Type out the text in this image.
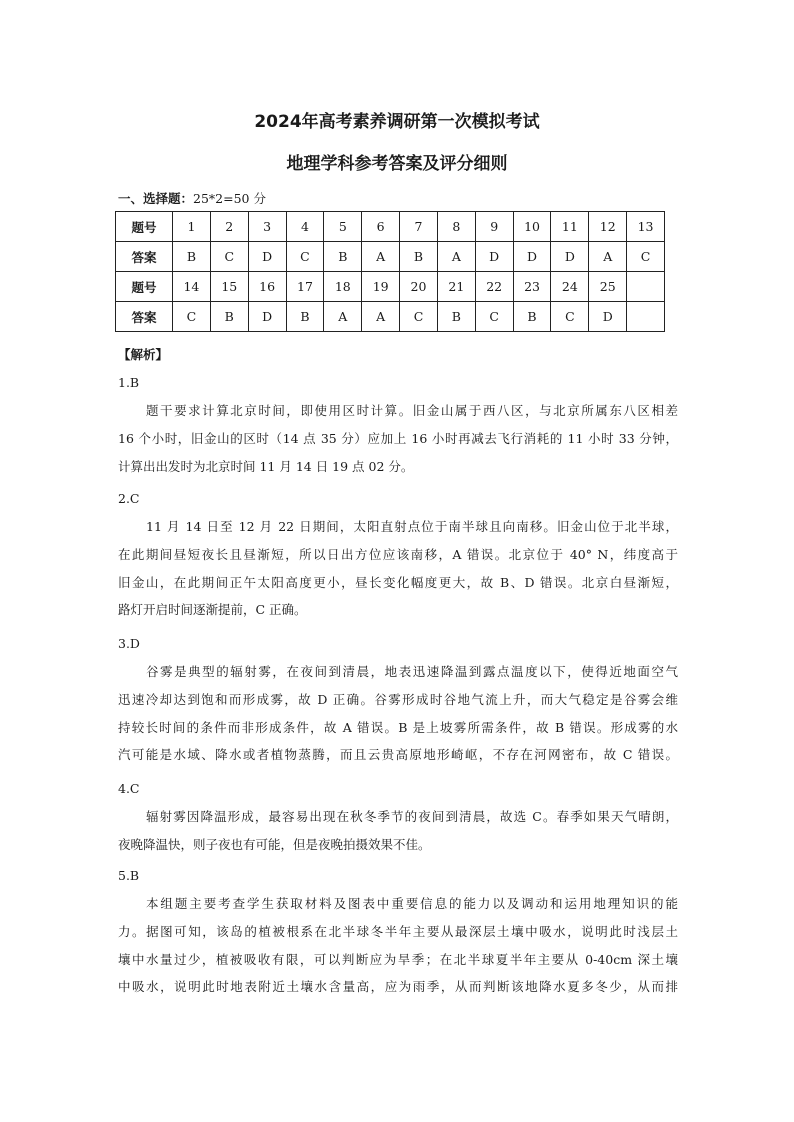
2024年高考素养调研第一次模拟考试
地理学科参考答案及评分细则
一、选择题：25*2=50 分
题号	1	2	3	4	5	6	7	8	9	10	11	12	13
答案	B	C	D	C	B	A	B	A	D	D	D	A	C
题号	14	15	16	17	18	19	20	21	22	23	24	25	
答案	C	B	D	B	A	A	C	B	C	B	C	D	
【解析】
1.B
题干要求计算北京时间，即使用区时计算。旧金山属于西八区，与北京所属东八区相差
16 个小时，旧金山的区时（14 点 35 分）应加上 16 小时再减去飞行消耗的 11 小时 33 分钟，
计算出出发时为北京时间 11 月 14 日 19 点 02 分。
2.C
11 月 14 日至 12 月 22 日期间，太阳直射点位于南半球且向南移。旧金山位于北半球，
在此期间昼短夜长且昼渐短，所以日出方位应该南移，A 错误。北京位于 40° N，纬度高于
旧金山，在此期间正午太阳高度更小，昼长变化幅度更大，故 B、D 错误。北京白昼渐短，
路灯开启时间逐渐提前，C 正确。
3.D
谷雾是典型的辐射雾，在夜间到清晨，地表迅速降温到露点温度以下，使得近地面空气
迅速冷却达到饱和而形成雾，故 D 正确。谷雾形成时谷地气流上升，而大气稳定是谷雾会维
持较长时间的条件而非形成条件，故 A 错误。B 是上坡雾所需条件，故 B 错误。形成雾的水
汽可能是水域、降水或者植物蒸腾，而且云贵高原地形崎岖，不存在河网密布，故 C 错误。
4.C
辐射雾因降温形成，最容易出现在秋冬季节的夜间到清晨，故选 C。春季如果天气晴朗，
夜晚降温快，则子夜也有可能，但是夜晚拍摄效果不佳。
5.B
本组题主要考查学生获取材料及图表中重要信息的能力以及调动和运用地理知识的能
力。据图可知，该岛的植被根系在北半球冬半年主要从最深层土壤中吸水，说明此时浅层土
壤中水量过少，植被吸收有限，可以判断应为旱季；在北半球夏半年主要从 0-40cm 深土壤
中吸水，说明此时地表附近土壤水含量高，应为雨季，从而判断该地降水夏多冬少，从而排
